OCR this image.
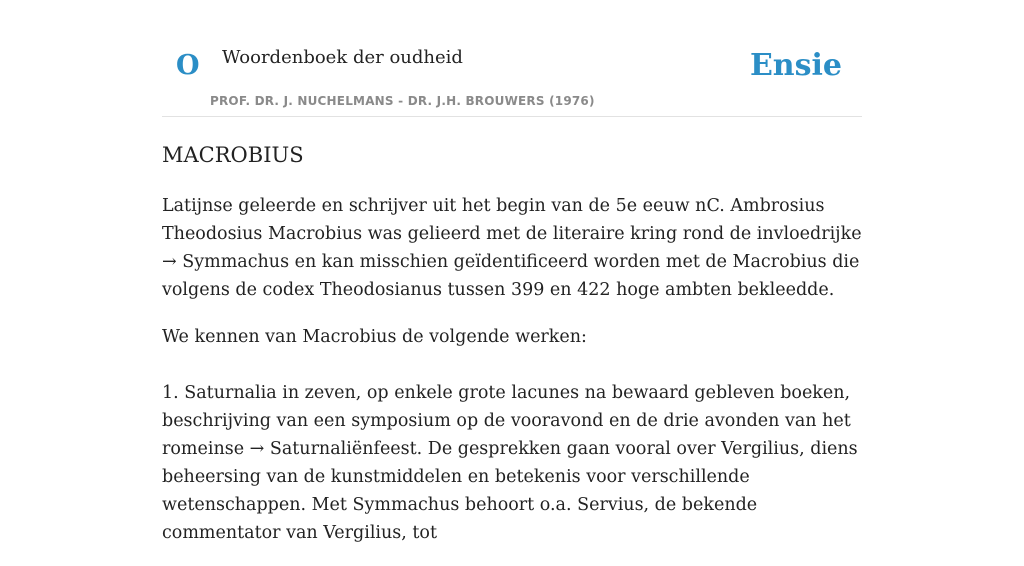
O Woordenboek der oudheid
PROF. DR. J. NUCHELMANS - DR. J.H. BROUWERS (1976)
Ensie
MACROBIUS

Latijnse geleerde en schrijver uit het begin van de 5e eeuw nC. Ambrosius Theodosius Macrobius was gelieerd met de literaire kring rond de invloedrijke → Symmachus en kan misschien geïdentificeerd worden met de Macrobius die volgens de codex Theodosianus tussen 399 en 422 hoge ambten bekleedde.

We kennen van Macrobius de volgende werken:

1. Saturnalia in zeven, op enkele grote lacunes na bewaard gebleven boeken, beschrijving van een symposium op de vooravond en de drie avonden van het romeinse → Saturnaliënfeest. De gesprekken gaan vooral over Vergilius, diens beheersing van de kunstmiddelen en betekenis voor verschillende wetenschappen. Met Symmachus behoort o.a. Servius, de bekende commentator van Vergilius, tot
